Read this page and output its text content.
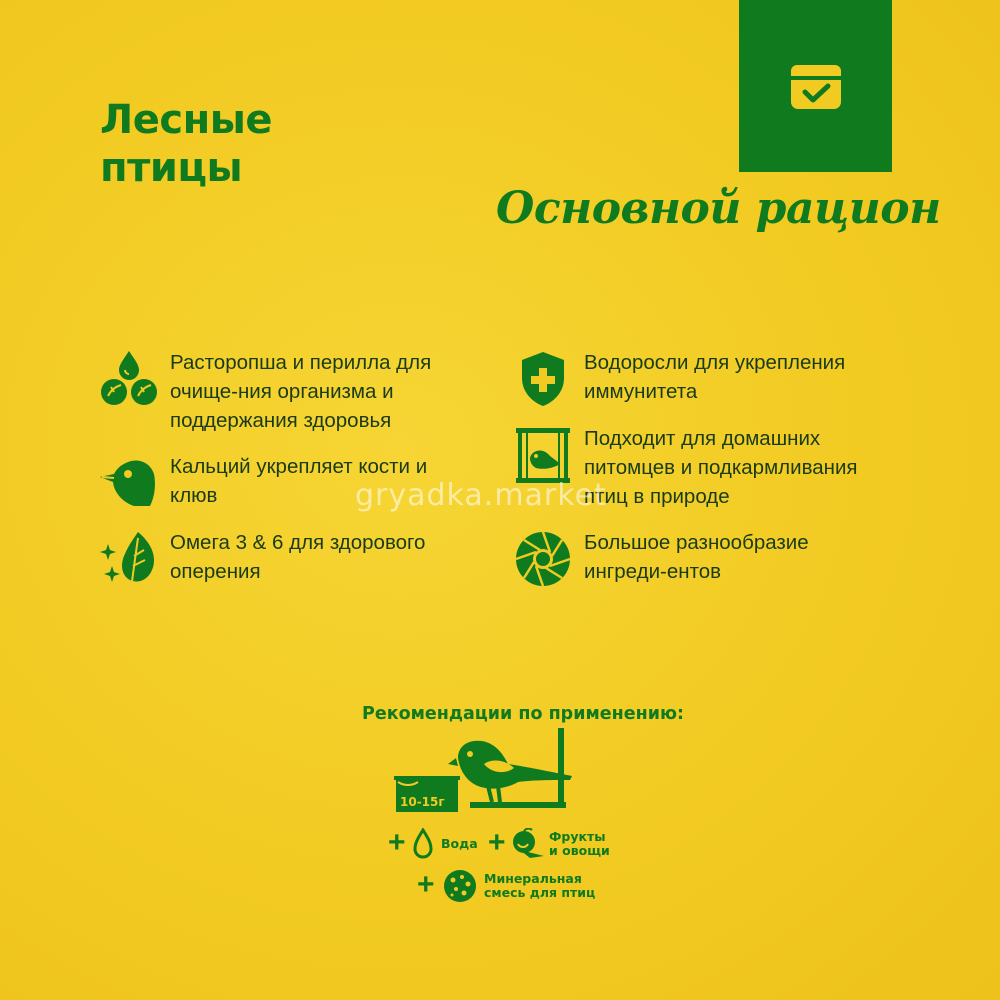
Лесные
птицы
Основной рацион
Расторопша и перилла для очище-ния организма и поддержания здоровья
Кальций укрепляет кости и клюв
Омега 3 & 6 для здорового оперения
Водоросли для укрепления иммунитета
Подходит для домашних питомцев и подкармливания птиц в природе
Большое разнообразие ингреди-ентов
gryadka.market
Рекомендации по применению:
10-15г
+	Вода +	Фрукты
и овощи
+	Минеральная
смесь для птиц
